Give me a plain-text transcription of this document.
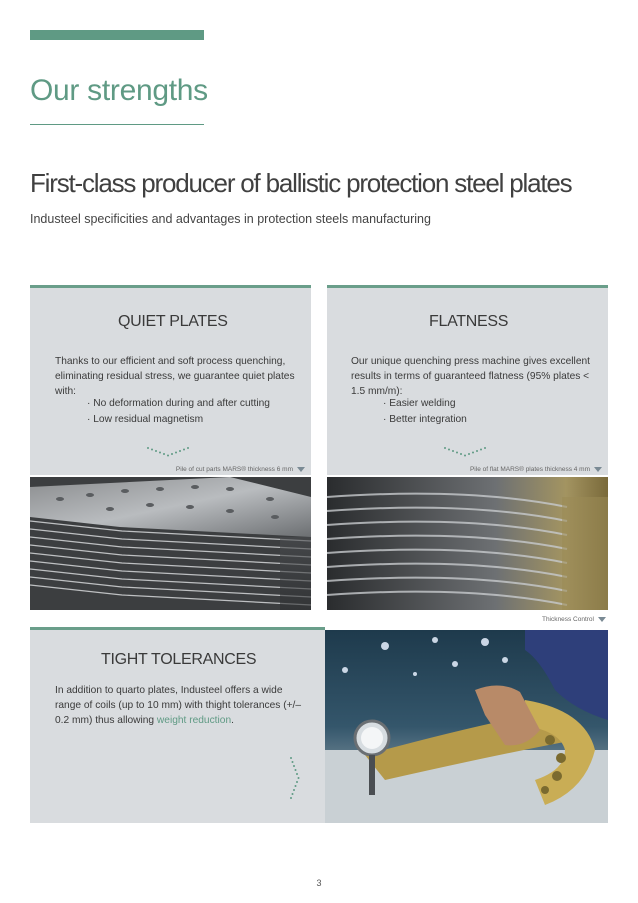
Our strengths
First-class producer of ballistic protection steel plates
Industeel specificities and advantages in protection steels manufacturing
QUIET PLATES
Thanks to our efficient and soft process quenching, eliminating residual stress, we guarantee quiet plates with:
· No deformation during and after cutting
· Low residual magnetism
Pile of cut parts MARS® thickness 6 mm
FLATNESS
Our unique quenching press machine gives excellent results in terms of guaranteed flatness (95% plates < 1.5 mm/m):
· Easier welding
· Better integration
Pile of flat MARS® plates thickness 4 mm
Thickness Control
TIGHT TOLERANCES
In addition to quarto plates, Industeel offers a wide range of coils (up to 10 mm) with thight tolerances (+/– 0.2 mm) thus allowing weight reduction.
3
